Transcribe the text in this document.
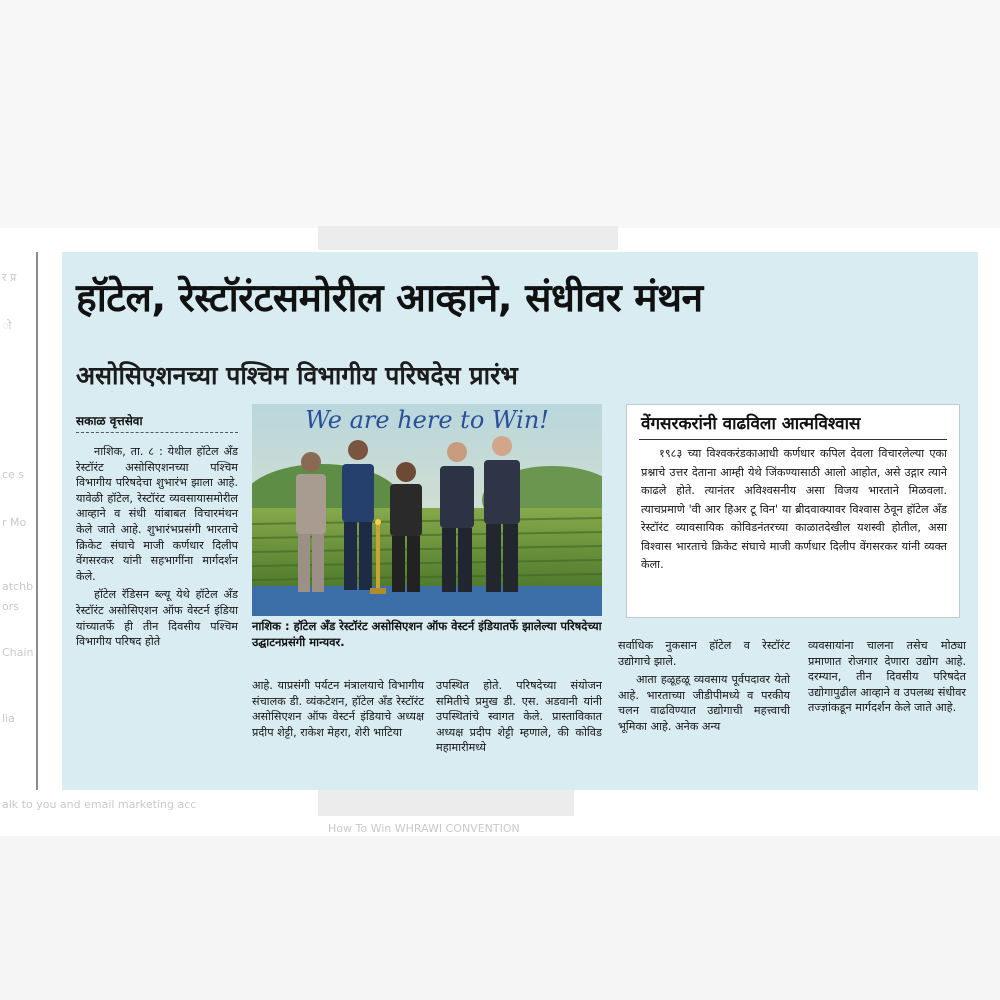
र प्र
ो
ce s
r Mo
atchb
ors
Chain
lia
alk to you and email marketing acc
How To Win WHRAWI CONVENTION
हॉटेल, रेस्टॉरंटसमोरील आव्हाने, संधीवर मंथन
असोसिएशनच्या पश्चिम विभागीय परिषदेस प्रारंभ
सकाळ वृत्तसेवा

नाशिक, ता. ८ : येथील हॉटेल अँड रेस्टॉरंट असोसिएशनच्या पश्चिम विभागीय परिषदेचा शुभारंभ झाला आहे. यावेळी हॉटेल, रेस्टॉरंट व्यवसायासमोरील आव्हाने व संधी यांबाबत विचारमंथन केले जाते आहे. शुभारंभप्रसंगी भारताचे क्रिकेट संघाचे माजी कर्णधार दिलीप वेंगसरकर यांनी सहभागींना मार्गदर्शन केले.

हॉटेल रॅडिसन ब्ल्यू येथे हॉटेल अँड रेस्टॉरंट असोसिएशन ऑफ वेस्टर्न इंडिया यांच्यातर्फे ही तीन दिवसीय पश्चिम विभागीय परिषद होते

We are here to Win!
नाशिक : हॉटेल अँड रेस्टॉरंट असोसिएशन ऑफ वेस्टर्न इंडियातर्फे झालेल्या परिषदेच्या उद्घाटनप्रसंगी मान्यवर.
वेंगसरकरांनी वाढविला आत्मविश्वास

१९८३ च्या विश्वकरंडकाआधी कर्णधार कपिल देवला विचारलेल्या एका प्रश्नाचे उत्तर देताना आम्ही येथे जिंकण्यासाठी आलो आहोत, असे उद्गार त्याने काढले होते. त्यानंतर अविश्वसनीय असा विजय भारताने मिळवला. त्याचप्रमाणे 'वी आर हिअर टू विन' या ब्रीदवाक्यावर विश्वास ठेवून हॉटेल अँड रेस्टॉरंट व्यावसायिक कोविडनंतरच्या काळातदेखील यशस्वी होतील, असा विश्वास भारताचे क्रिकेट संघाचे माजी कर्णधार दिलीप वेंगसरकर यांनी व्यक्त केला.

आहे. याप्रसंगी पर्यटन मंत्रालयाचे विभागीय संचालक डी. व्यंकटेशन, हॉटेल अँड रेस्टॉरंट असोसिएशन ऑफ वेस्टर्न इंडियाचे अध्यक्ष प्रदीप शेट्टी, राकेश मेहरा, शेरी भाटिया

उपस्थित होते. परिषदेच्या संयोजन समितीचे प्रमुख डी. एस. अडवानी यांनी उपस्थितांचे स्वागत केले. प्रास्ताविकात अध्यक्ष प्रदीप शेट्टी म्हणाले, की कोविड महामारीमध्ये

सर्वाधिक नुकसान हॉटेल व रेस्टॉरंट उद्योगाचे झाले.

आता हळूहळू व्यवसाय पूर्वपदावर येतो आहे. भारताच्या जीडीपीमध्ये व परकीय चलन वाढविण्यात उद्योगाची महत्त्वाची भूमिका आहे. अनेक अन्य

व्यवसायांना चालना तसेच मोठ्या प्रमाणात रोजगार देणारा उद्योग आहे. दरम्यान, तीन दिवसीय परिषदेत उद्योगापुढील आव्हाने व उपलब्ध संधीवर तज्ज्ञांकडून मार्गदर्शन केले जाते आहे.
